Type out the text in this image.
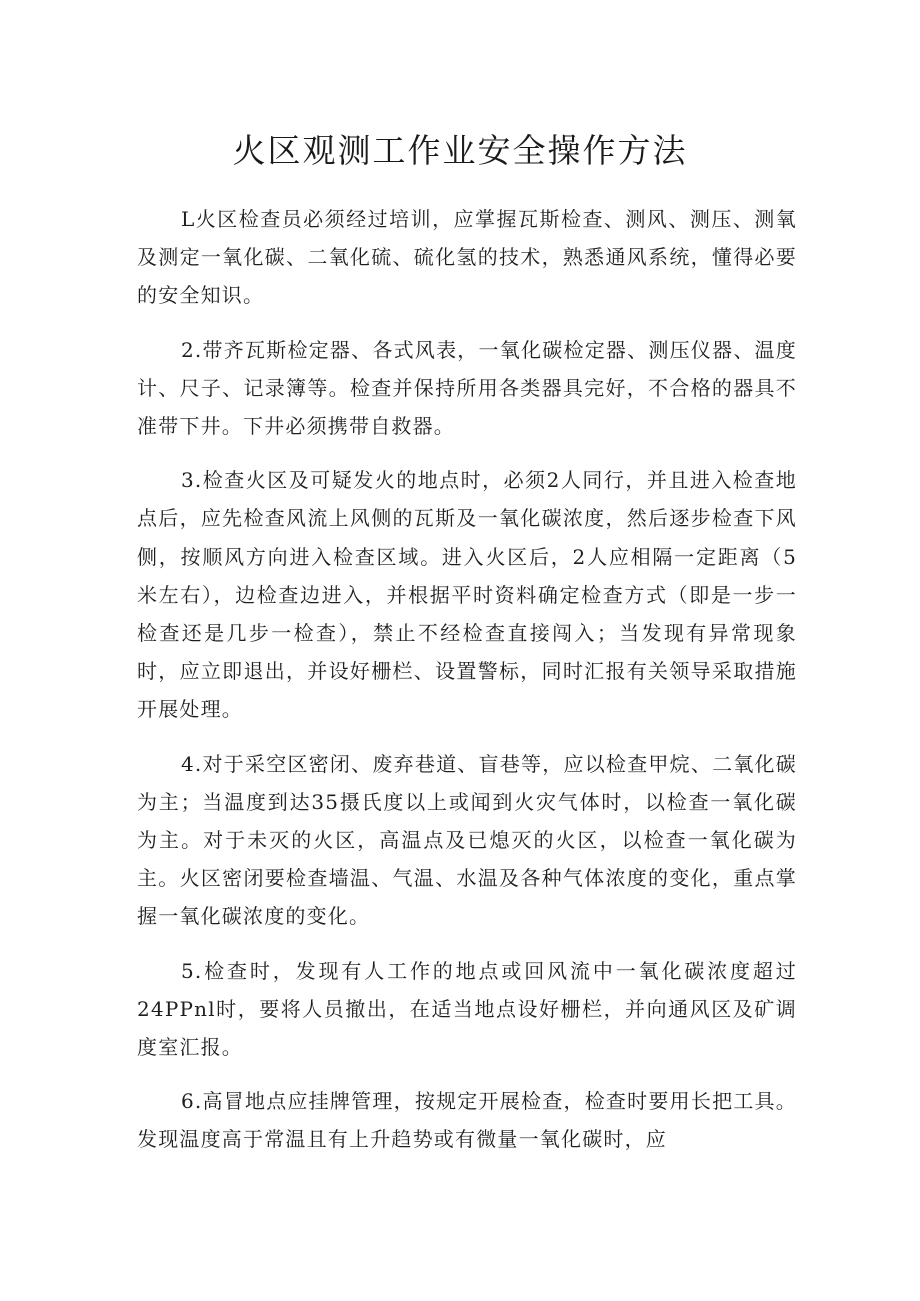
火区观测工作业安全操作方法

L火区检查员必须经过培训，应掌握瓦斯检查、测风、测压、测氧及测定一氧化碳、二氧化硫、硫化氢的技术，熟悉通风系统，懂得必要的安全知识。

2.带齐瓦斯检定器、各式风表，一氧化碳检定器、测压仪器、温度计、尺子、记录簿等。检查并保持所用各类器具完好，不合格的器具不准带下井。下井必须携带自救器。

3.检查火区及可疑发火的地点时，必须2人同行，并且进入检查地点后，应先检查风流上风侧的瓦斯及一氧化碳浓度，然后逐步检查下风侧，按顺风方向进入检查区域。进入火区后，2人应相隔一定距离（5米左右），边检查边进入，并根据平时资料确定检查方式（即是一步一检查还是几步一检查），禁止不经检查直接闯入；当发现有异常现象时，应立即退出，并设好栅栏、设置警标，同时汇报有关领导采取措施开展处理。

4.对于采空区密闭、废弃巷道、盲巷等，应以检查甲烷、二氧化碳为主；当温度到达35摄氏度以上或闻到火灾气体时，以检查一氧化碳为主。对于未灭的火区，高温点及已熄灭的火区，以检查一氧化碳为主。火区密闭要检查墙温、气温、水温及各种气体浓度的变化，重点掌握一氧化碳浓度的变化。

5.检查时，发现有人工作的地点或回风流中一氧化碳浓度超过24PPnl时，要将人员撤出，在适当地点设好栅栏，并向通风区及矿调度室汇报。

6.高冒地点应挂牌管理，按规定开展检查，检查时要用长把工具。发现温度高于常温且有上升趋势或有微量一氧化碳时，应
